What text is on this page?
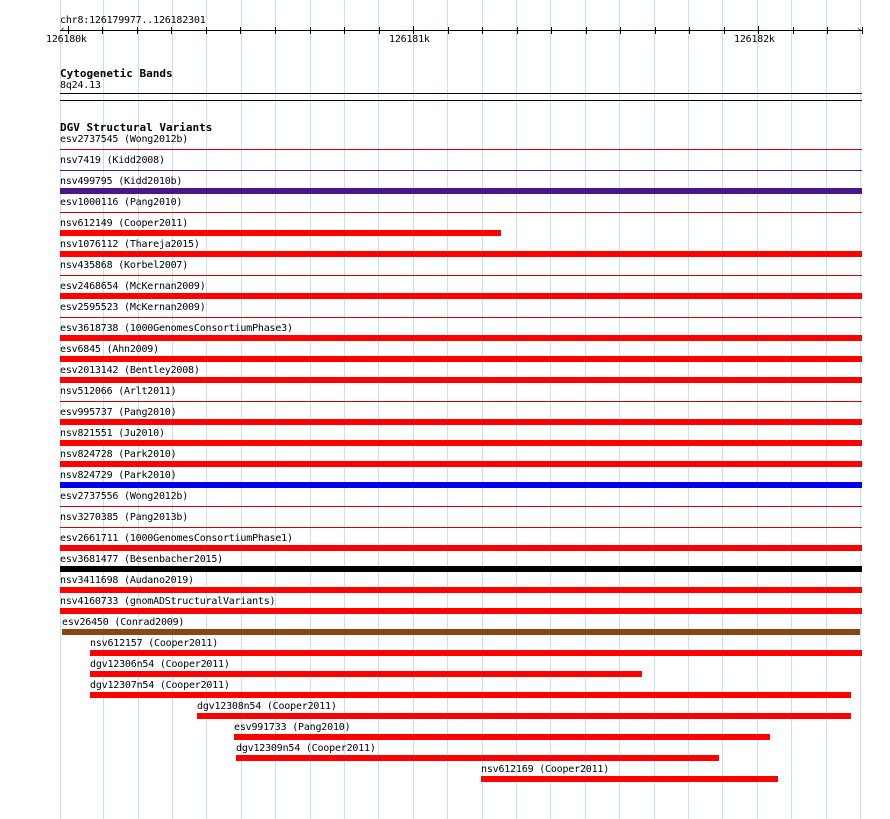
chr8:126179977..126182301
‹	›
126180k	126181k	126182k
Cytogenetic Bands
8q24.13
DGV Structural Variants
esv2737545 (Wong2012b)
nsv7419 (Kidd2008)
nsv499795 (Kidd2010b)
esv1000116 (Pang2010)
nsv612149 (Cooper2011)
nsv1076112 (Thareja2015)
nsv435868 (Korbel2007)
esv2468654 (McKernan2009)
esv2595523 (McKernan2009)
esv3618738 (1000GenomesConsortiumPhase3)
esv6845 (Ahn2009)
esv2013142 (Bentley2008)
nsv512066 (Arlt2011)
esv995737 (Pang2010)
nsv821551 (Ju2010)
nsv824728 (Park2010)
nsv824729 (Park2010)
esv2737556 (Wong2012b)
nsv3270385 (Pang2013b)
esv2661711 (1000GenomesConsortiumPhase1)
esv3681477 (Besenbacher2015)
nsv3411698 (Audano2019)
nsv4160733 (gnomADStructuralVariants)
esv26450 (Conrad2009)
nsv612157 (Cooper2011)
dgv12306n54 (Cooper2011)
dgv12307n54 (Cooper2011)
dgv12308n54 (Cooper2011)
esv991733 (Pang2010)
dgv12309n54 (Cooper2011)
nsv612169 (Cooper2011)
